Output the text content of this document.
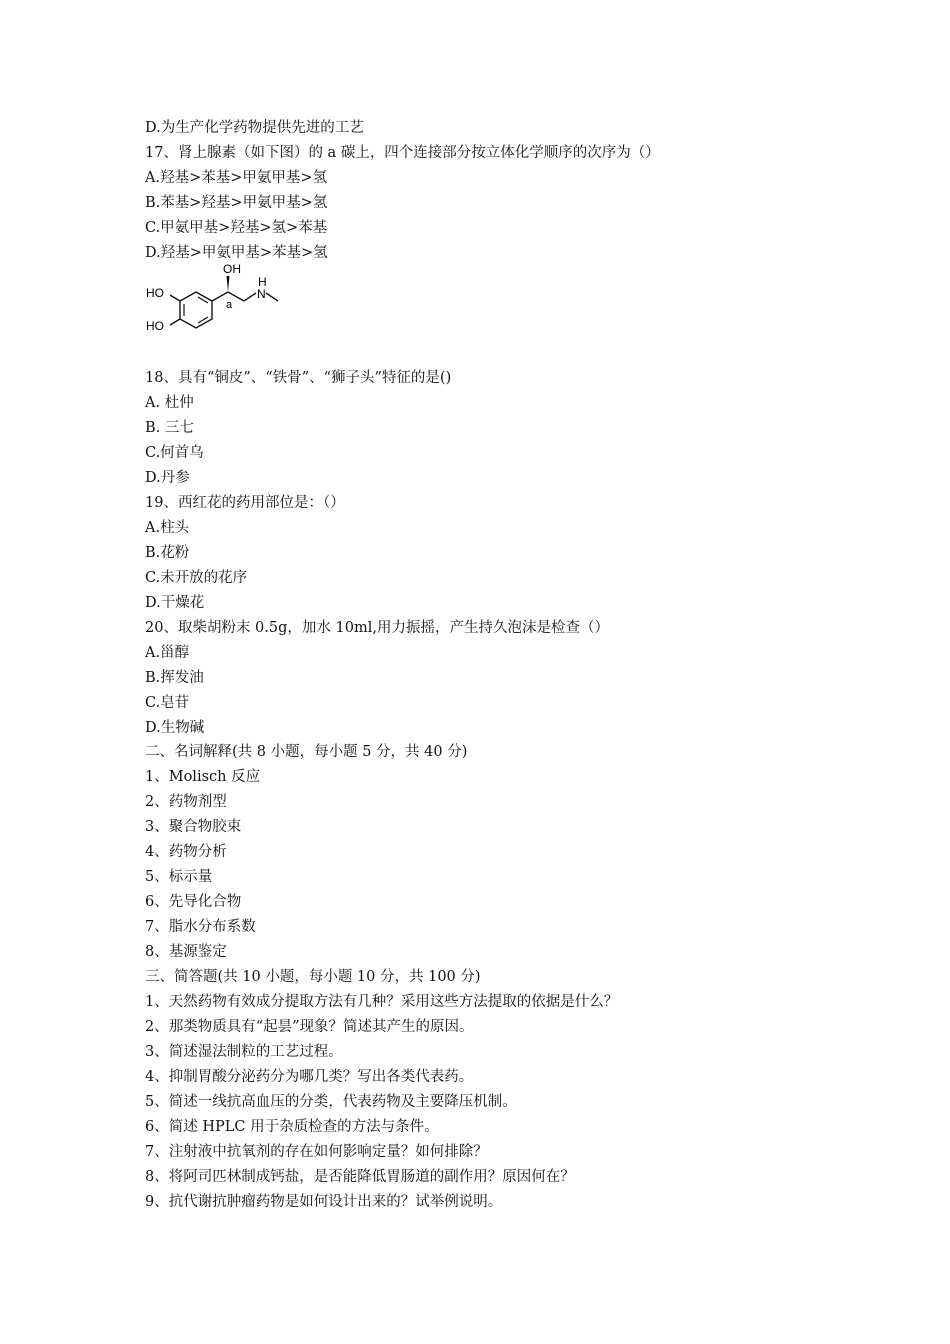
D.为生产化学药物提供先进的工艺
17、肾上腺素（如下图）的 a 碳上，四个连接部分按立体化学顺序的次序为（）
A.羟基>苯基>甲氨甲基>氢
B.苯基>羟基>甲氨甲基>氢
C.甲氨甲基>羟基>氢>苯基
D.羟基>甲氨甲基>苯基>氢
OH
HO
HO
a
N
H
18、具有“铜皮”、“铁骨”、“狮子头”特征的是()
A. 杜仲
B. 三七
C.何首乌
D.丹参
19、西红花的药用部位是：（）
A.柱头
B.花粉
C.未开放的花序
D.干燥花
20、取柴胡粉末 0.5g，加水 10ml,用力振摇，产生持久泡沫是检查（）
A.甾醇
B.挥发油
C.皂苷
D.生物碱
二、名词解释(共 8 小题，每小题 5 分，共 40 分)
1、Molisch 反应
2、药物剂型
3、聚合物胶束
4、药物分析
5、标示量
6、先导化合物
7、脂水分布系数
8、基源鉴定
三、简答题(共 10 小题，每小题 10 分，共 100 分)
1、天然药物有效成分提取方法有几种？采用这些方法提取的依据是什么？
2、那类物质具有“起昙”现象？简述其产生的原因。
3、简述湿法制粒的工艺过程。
4、抑制胃酸分泌药分为哪几类？写出各类代表药。
5、简述一线抗高血压的分类，代表药物及主要降压机制。
6、简述 HPLC 用于杂质检查的方法与条件。
7、注射液中抗氧剂的存在如何影响定量？如何排除？
8、将阿司匹林制成钙盐，是否能降低胃肠道的副作用？原因何在？
9、抗代谢抗肿瘤药物是如何设计出来的？试举例说明。
